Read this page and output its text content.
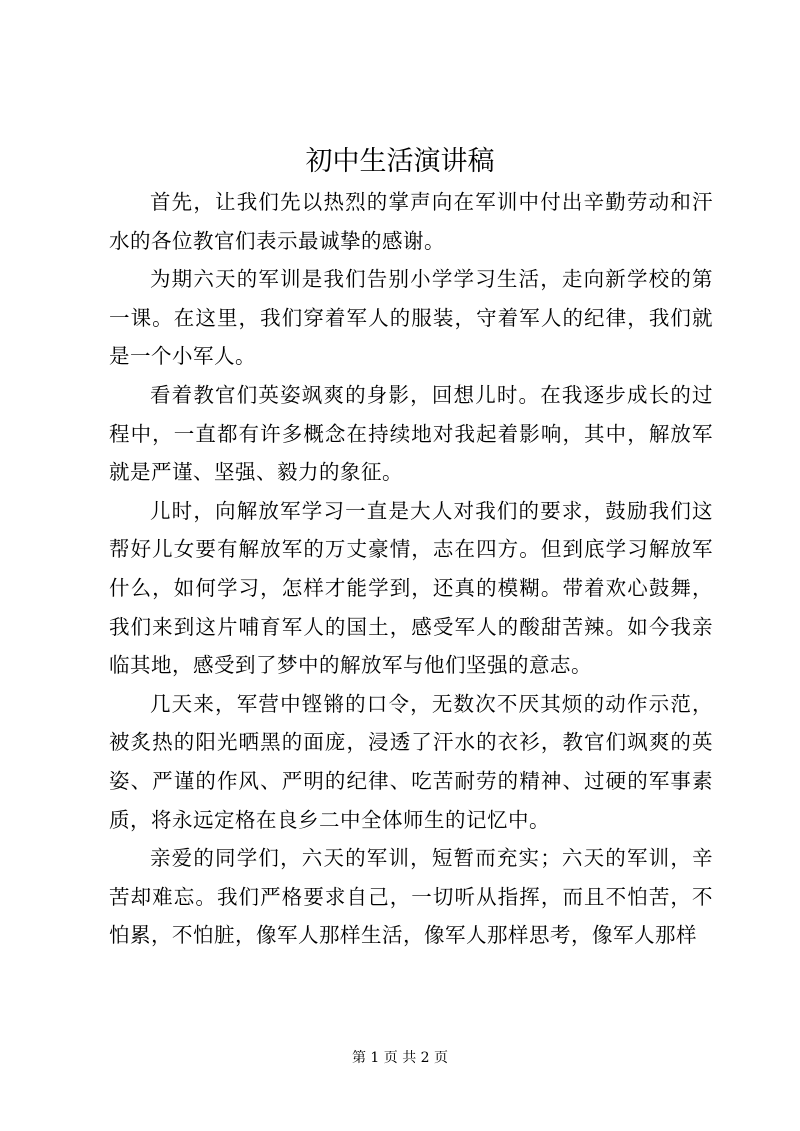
初中生活演讲稿

首先，让我们先以热烈的掌声向在军训中付出辛勤劳动和汗水的各位教官们表示最诚挚的感谢。

为期六天的军训是我们告别小学学习生活，走向新学校的第一课。在这里，我们穿着军人的服装，守着军人的纪律，我们就是一个小军人。

看着教官们英姿飒爽的身影，回想儿时。在我逐步成长的过程中，一直都有许多概念在持续地对我起着影响，其中，解放军就是严谨、坚强、毅力的象征。

儿时，向解放军学习一直是大人对我们的要求，鼓励我们这帮好儿女要有解放军的万丈豪情，志在四方。但到底学习解放军什么，如何学习，怎样才能学到，还真的模糊。带着欢心鼓舞，我们来到这片哺育军人的国土，感受军人的酸甜苦辣。如今我亲临其地，感受到了梦中的解放军与他们坚强的意志。

几天来，军营中铿锵的口令，无数次不厌其烦的动作示范，被炙热的阳光晒黑的面庞，浸透了汗水的衣衫，教官们飒爽的英姿、严谨的作风、严明的纪律、吃苦耐劳的精神、过硬的军事素质，将永远定格在良乡二中全体师生的记忆中。

亲爱的同学们，六天的军训，短暂而充实；六天的军训，辛苦却难忘。我们严格要求自己，一切听从指挥，而且不怕苦，不怕累，不怕脏，像军人那样生活，像军人那样思考，像军人那样

第 1 页 共 2 页
